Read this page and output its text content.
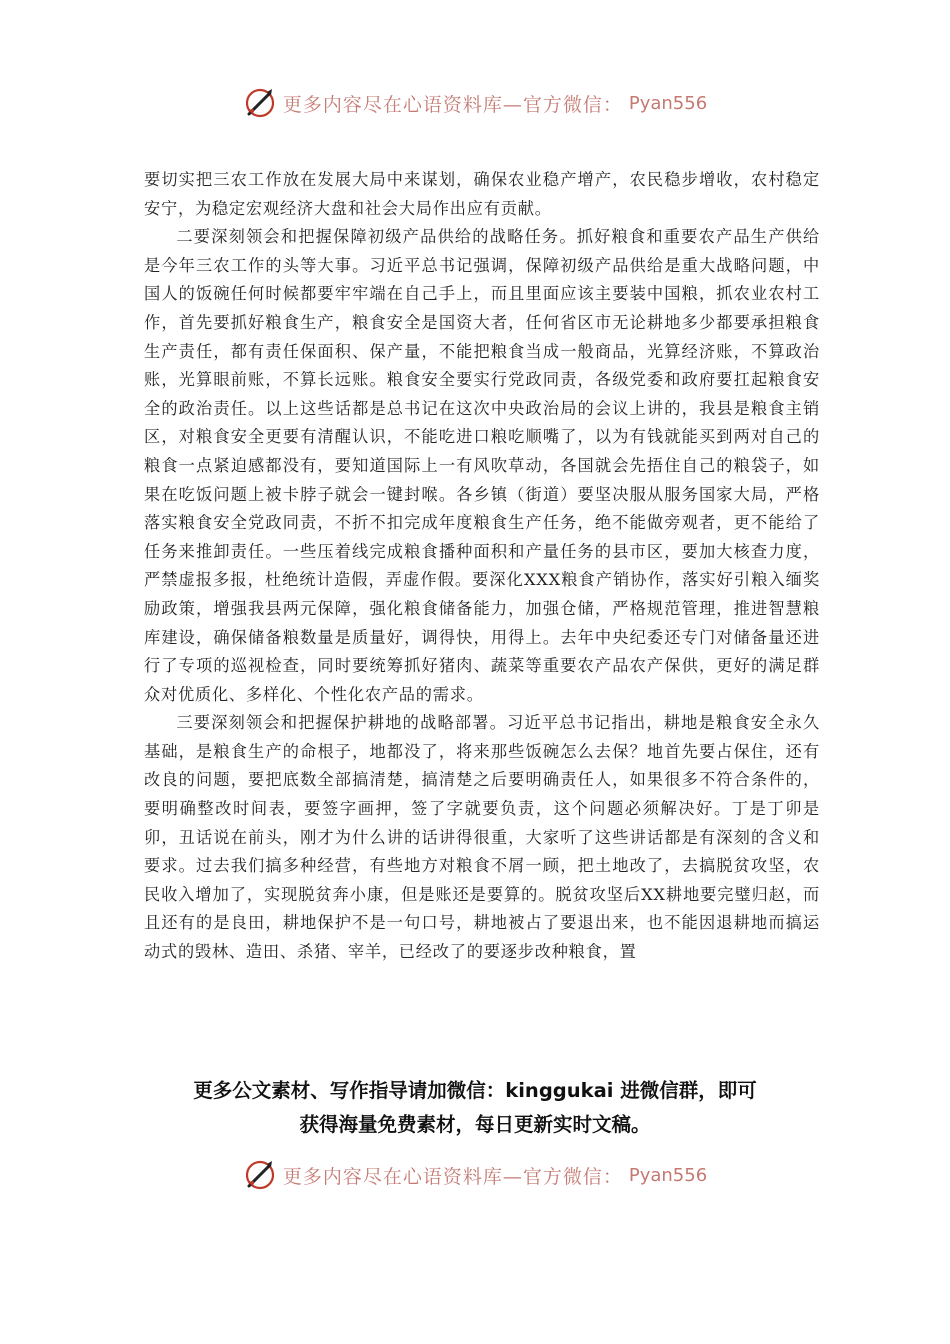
更多内容尽在心语资料库—官方微信： Pyan556

要切实把三农工作放在发展大局中来谋划，确保农业稳产增产，农民稳步增收，农村稳定安宁，为稳定宏观经济大盘和社会大局作出应有贡献。

二要深刻领会和把握保障初级产品供给的战略任务。抓好粮食和重要农产品生产供给是今年三农工作的头等大事。习近平总书记强调，保障初级产品供给是重大战略问题，中国人的饭碗任何时候都要牢牢端在自己手上，而且里面应该主要装中国粮，抓农业农村工作，首先要抓好粮食生产，粮食安全是国资大者，任何省区市无论耕地多少都要承担粮食生产责任，都有责任保面积、保产量，不能把粮食当成一般商品，光算经济账，不算政治账，光算眼前账，不算长远账。粮食安全要实行党政同责，各级党委和政府要扛起粮食安全的政治责任。以上这些话都是总书记在这次中央政治局的会议上讲的，我县是粮食主销区，对粮食安全更要有清醒认识，不能吃进口粮吃顺嘴了，以为有钱就能买到两对自己的粮食一点紧迫感都没有，要知道国际上一有风吹草动，各国就会先捂住自己的粮袋子，如果在吃饭问题上被卡脖子就会一键封喉。各乡镇（街道）要坚决服从服务国家大局，严格落实粮食安全党政同责，不折不扣完成年度粮食生产任务，绝不能做旁观者，更不能给了任务来推卸责任。一些压着线完成粮食播种面积和产量任务的县市区，要加大核查力度，严禁虚报多报，杜绝统计造假，弄虚作假。要深化XXX粮食产销协作，落实好引粮入缅奖励政策，增强我县两元保障，强化粮食储备能力，加强仓储，严格规范管理，推进智慧粮库建设，确保储备粮数量是质量好，调得快，用得上。去年中央纪委还专门对储备量还进行了专项的巡视检查，同时要统筹抓好猪肉、蔬菜等重要农产品农产保供，更好的满足群众对优质化、多样化、个性化农产品的需求。

三要深刻领会和把握保护耕地的战略部署。习近平总书记指出，耕地是粮食安全永久基础，是粮食生产的命根子，地都没了，将来那些饭碗怎么去保？地首先要占保住，还有改良的问题，要把底数全部搞清楚，搞清楚之后要明确责任人，如果很多不符合条件的，要明确整改时间表，要签字画押，签了字就要负责，这个问题必须解决好。丁是丁卯是卯，丑话说在前头，刚才为什么讲的话讲得很重，大家听了这些讲话都是有深刻的含义和要求。过去我们搞多种经营，有些地方对粮食不屑一顾，把土地改了，去搞脱贫攻坚，农民收入增加了，实现脱贫奔小康，但是账还是要算的。脱贫攻坚后XX耕地要完璧归赵，而且还有的是良田，耕地保护不是一句口号，耕地被占了要退出来，也不能因退耕地而搞运动式的毁林、造田、杀猪、宰羊，已经改了的要逐步改种粮食，置

更多公文素材、写作指导请加微信：kinggukai 进微信群，即可
获得海量免费素材，每日更新实时文稿。
更多内容尽在心语资料库—官方微信： Pyan556
